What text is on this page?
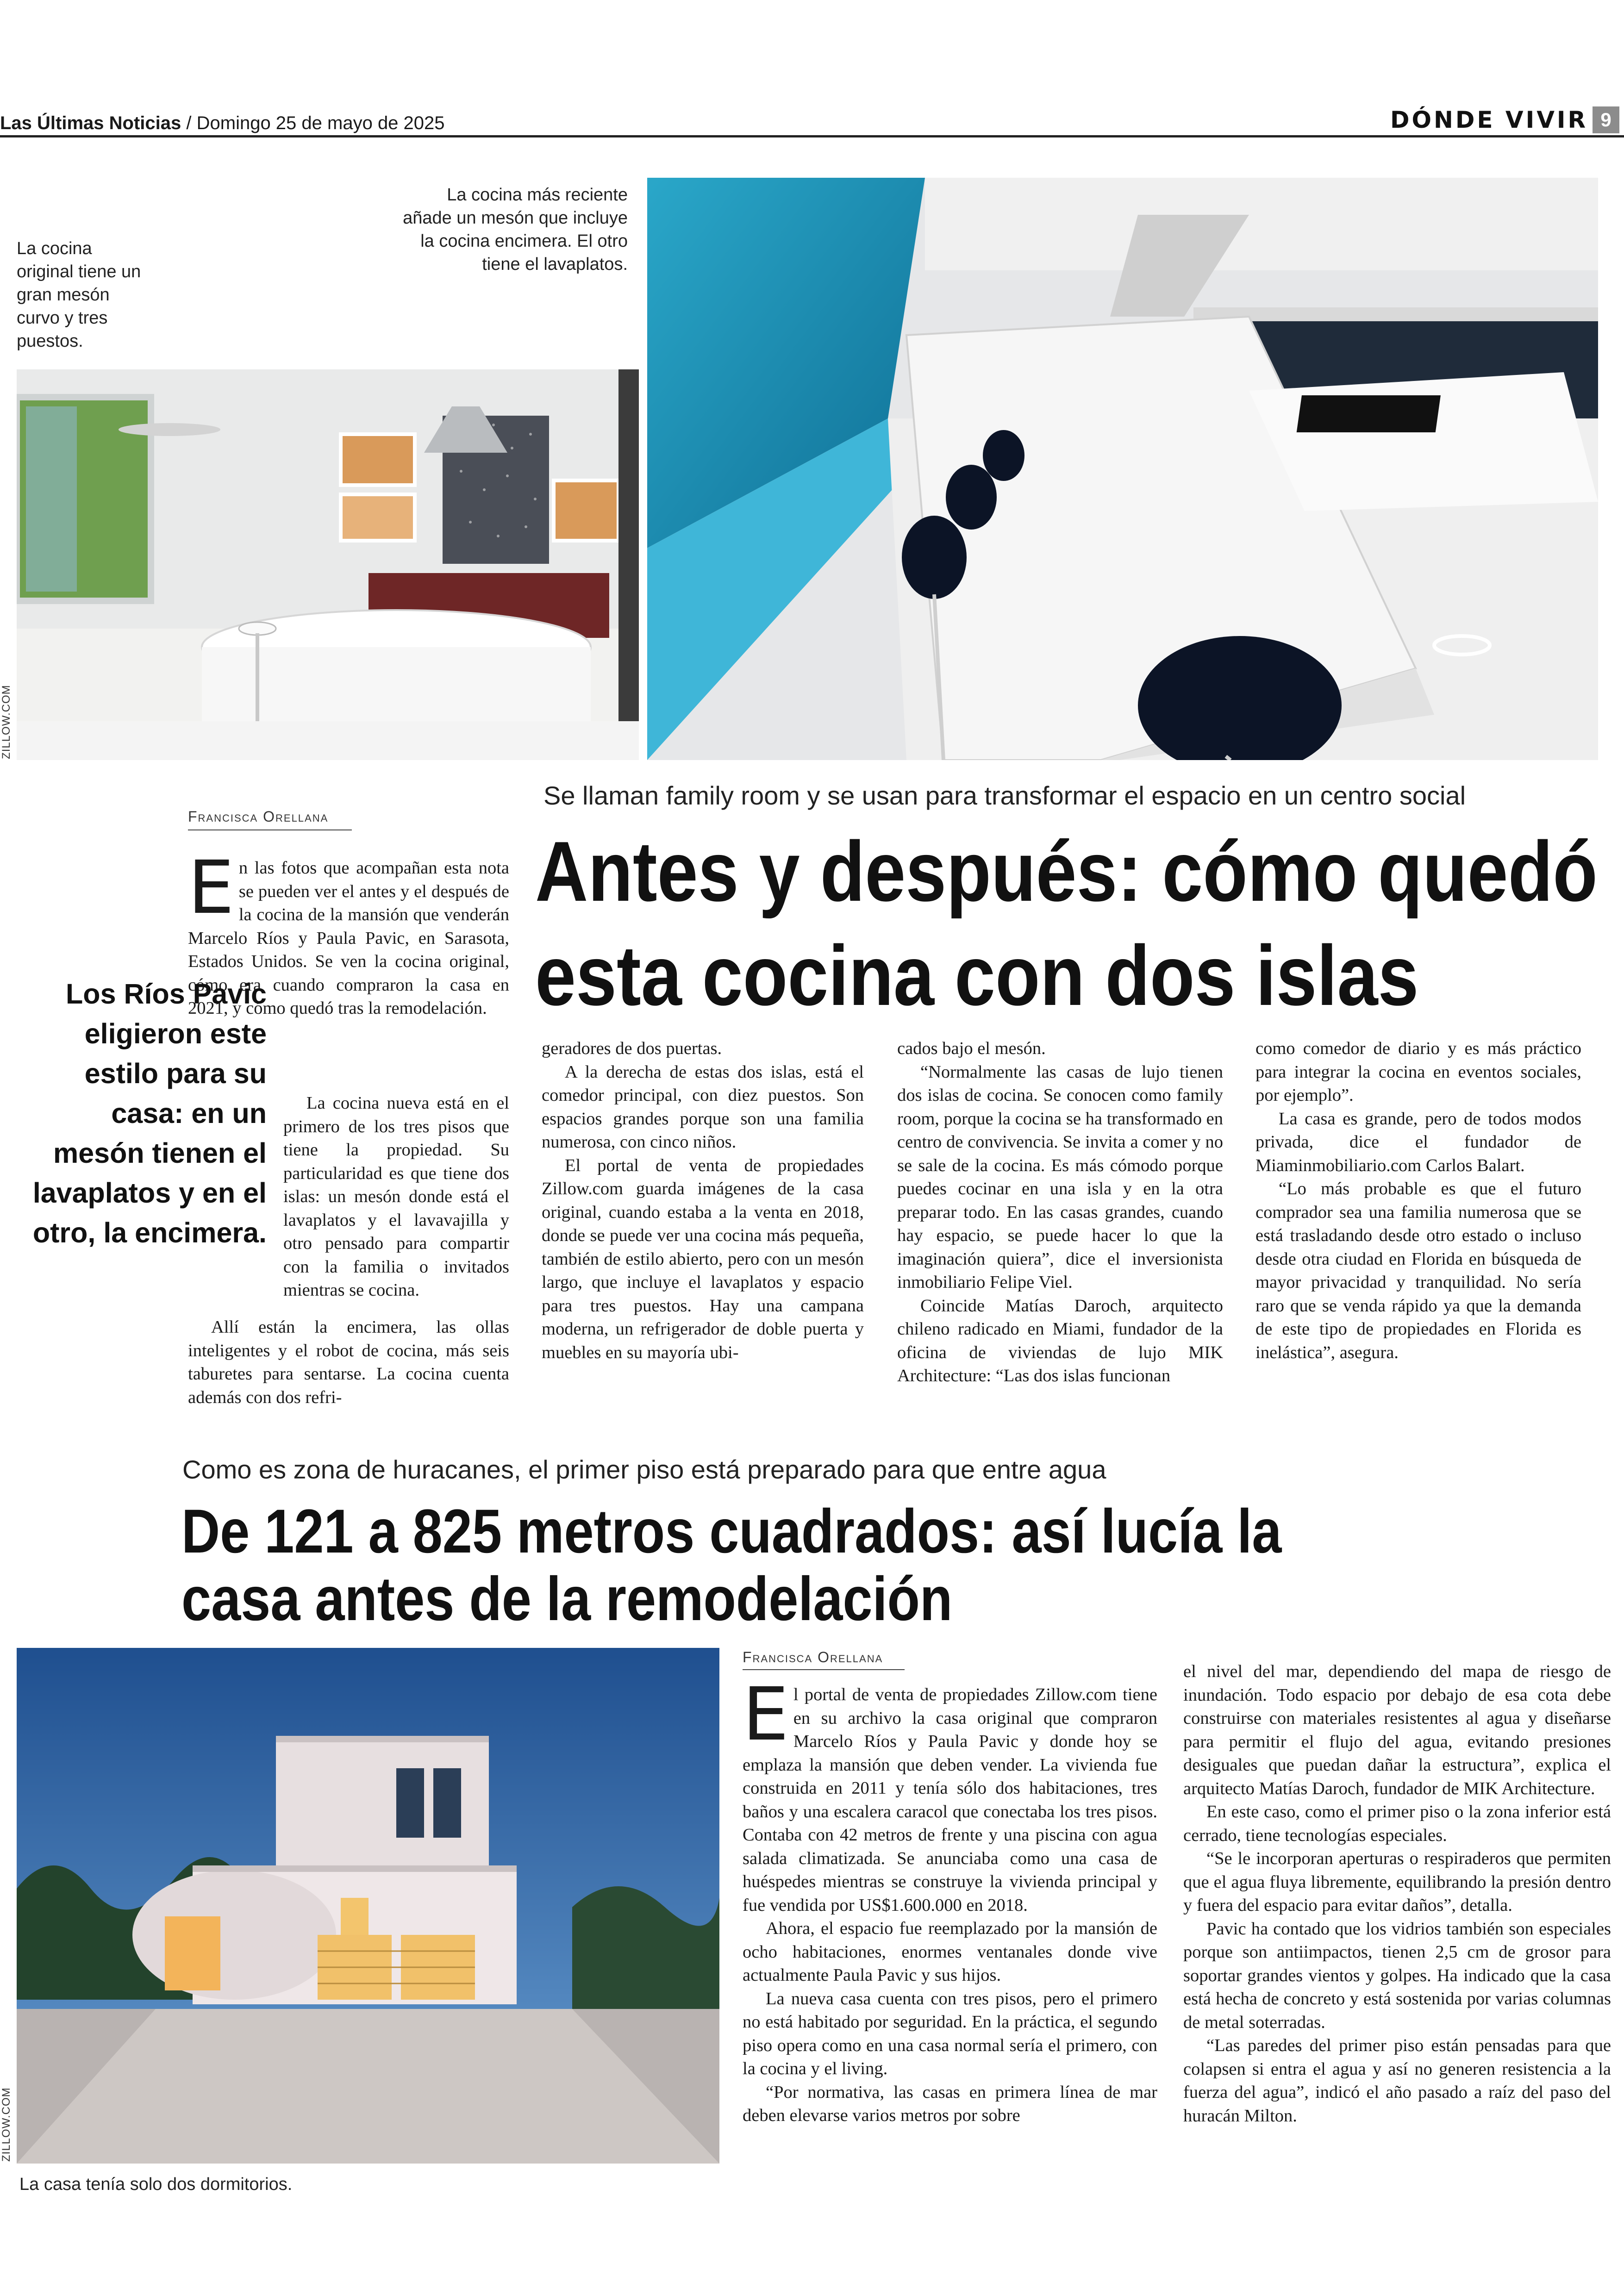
Las Últimas Noticias / Domingo 25 de mayo de 2025	DÓNDE VIVIR 9
La cocina original tiene un gran mesón curvo y tres puestos.
La cocina más reciente añade un mesón que incluye la cocina encimera. El otro tiene el lavaplatos.
ZILLOW.COM
Francisca Orellana
Se llaman family room y se usan para transformar el espacio en un centro social
Antes y después: cómo quedó
esta cocina con dos islas

En las fotos que acompañan esta nota se pueden ver el antes y el después de la cocina de la mansión que venderán Marcelo Ríos y Paula Pavic, en Sarasota, Estados Unidos. Se ven la cocina original, cómo era cuando compraron la casa en 2021, y cómo quedó tras la remodelación.

La cocina nueva está en el primero de los tres pisos que tiene la propiedad. Su particularidad es que tiene dos islas: un mesón donde está el lavaplatos y el lavavajilla y otro pensado para compartir con la familia o invitados mientras se cocina.

Allí están la encimera, las ollas inteligentes y el robot de cocina, más seis taburetes para sentarse. La cocina cuenta además con dos refri-

Los Ríos Pavic eligieron este estilo para su casa: en un mesón tienen el lavaplatos y en el otro, la encimera.

geradores de dos puertas.

A la derecha de estas dos islas, está el comedor principal, con diez puestos. Son espacios grandes porque son una familia numerosa, con cinco niños.

El portal de venta de propiedades Zillow.com guarda imágenes de la casa original, cuando estaba a la venta en 2018, donde se puede ver una cocina más pequeña, también de estilo abierto, pero con un mesón largo, que incluye el lavaplatos y espacio para tres puestos. Hay una campana moderna, un refrigerador de doble puerta y muebles en su mayoría ubi-

cados bajo el mesón.

“Normalmente las casas de lujo tienen dos islas de cocina. Se conocen como family room, porque la cocina se ha transformado en centro de convivencia. Se invita a comer y no se sale de la cocina. Es más cómodo porque puedes cocinar en una isla y en la otra preparar todo. En las casas grandes, cuando hay espacio, se puede hacer lo que la imaginación quiera”, dice el inversionista inmobiliario Felipe Viel.

Coincide Matías Daroch, arquitecto chileno radicado en Miami, fundador de la oficina de viviendas de lujo MIK Architecture: “Las dos islas funcionan

como comedor de diario y es más práctico para integrar la cocina en eventos sociales, por ejemplo”.

La casa es grande, pero de todos modos privada, dice el fundador de Miaminmobiliario.com Carlos Balart.

“Lo más probable es que el futuro comprador sea una familia numerosa que se está trasladando desde otro estado o incluso desde otra ciudad en Florida en búsqueda de mayor privacidad y tranquilidad. No sería raro que se venda rápido ya que la demanda de este tipo de propiedades en Florida es inelástica”, asegura.

Como es zona de huracanes, el primer piso está preparado para que entre agua
De 121 a 825 metros cuadrados: así lucía la
casa antes de la remodelación
ZILLOW.COM
La casa tenía solo dos dormitorios.
Francisca Orellana

El portal de venta de propiedades Zillow.com tiene en su archivo la casa original que compraron Marcelo Ríos y Paula Pavic y donde hoy se emplaza la mansión que deben vender. La vivienda fue construida en 2011 y tenía sólo dos habitaciones, tres baños y una escalera caracol que conectaba los tres pisos. Contaba con 42 metros de frente y una piscina con agua salada climatizada. Se anunciaba como una casa de huéspedes mientras se construye la vivienda principal y fue vendida por US$1.600.000 en 2018.

Ahora, el espacio fue reemplazado por la mansión de ocho habitaciones, enormes ventanales donde vive actualmente Paula Pavic y sus hijos.

La nueva casa cuenta con tres pisos, pero el primero no está habitado por seguridad. En la práctica, el segundo piso opera como en una casa normal sería el primero, con la cocina y el living.

“Por normativa, las casas en primera línea de mar deben elevarse varios metros por sobre

el nivel del mar, dependiendo del mapa de riesgo de inundación. Todo espacio por debajo de esa cota debe construirse con materiales resistentes al agua y diseñarse para permitir el flujo del agua, evitando presiones desiguales que puedan dañar la estructura”, explica el arquitecto Matías Daroch, fundador de MIK Architecture.

En este caso, como el primer piso o la zona inferior está cerrado, tiene tecnologías especiales.

“Se le incorporan aperturas o respiraderos que permiten que el agua fluya libremente, equilibrando la presión dentro y fuera del espacio para evitar daños”, detalla.

Pavic ha contado que los vidrios también son especiales porque son antiimpactos, tienen 2,5 cm de grosor para soportar grandes vientos y golpes. Ha indicado que la casa está hecha de concreto y está sostenida por varias columnas de metal soterradas.

“Las paredes del primer piso están pensadas para que colapsen si entra el agua y así no generen resistencia a la fuerza del agua”, indicó el año pasado a raíz del paso del huracán Milton.
